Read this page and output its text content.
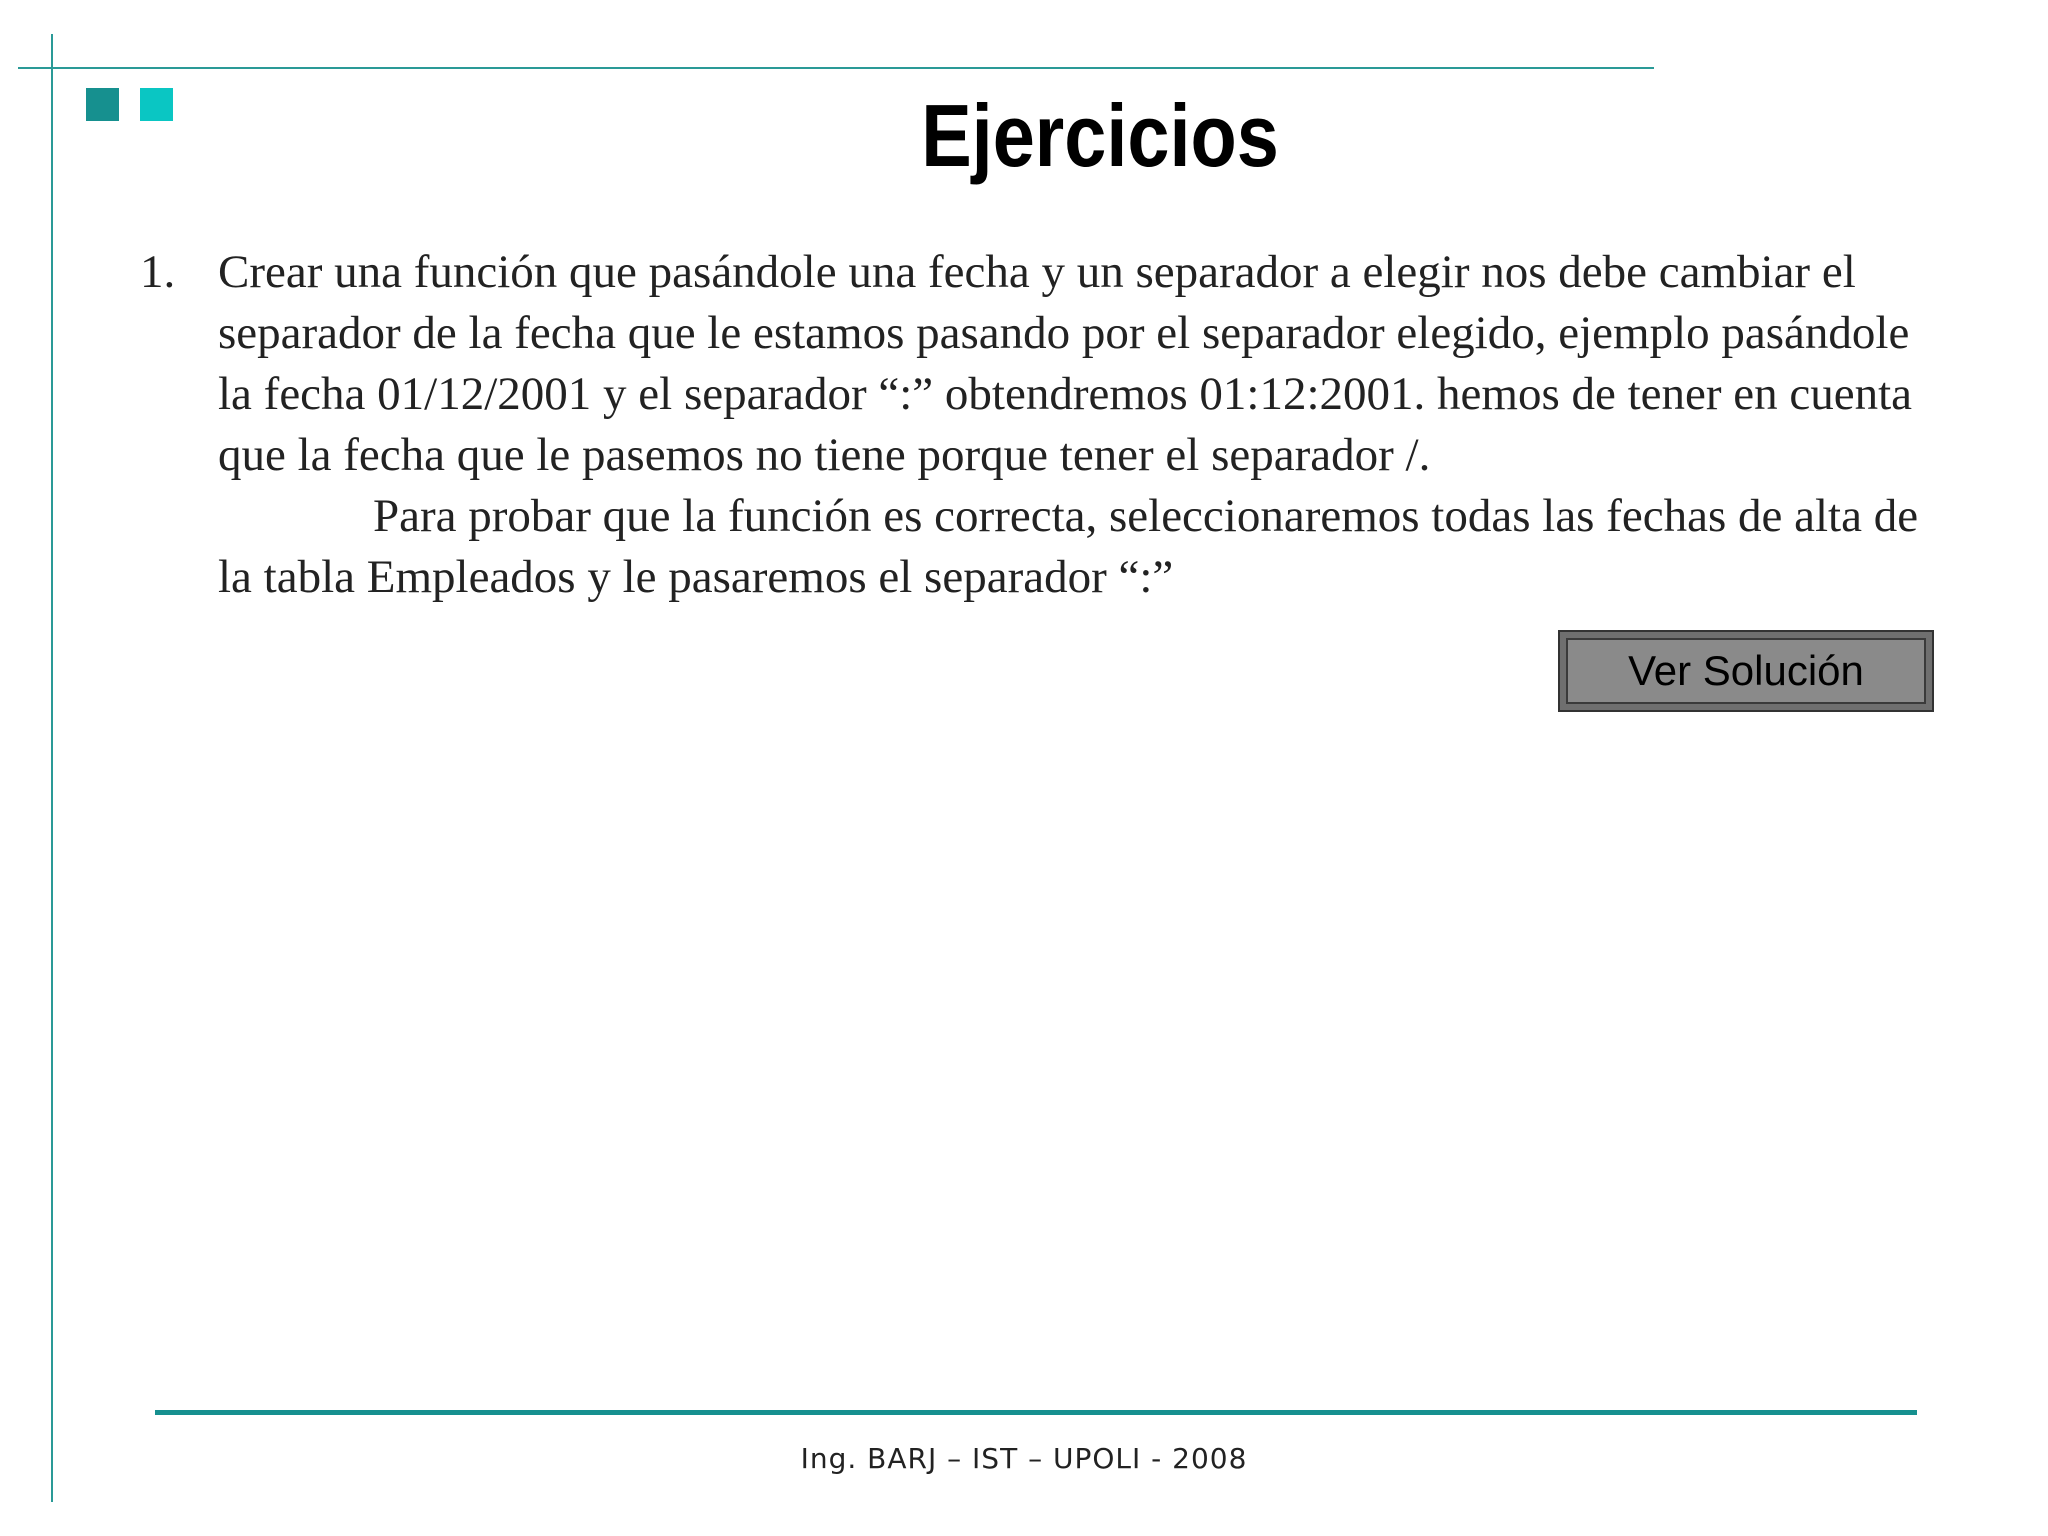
Ejercicios
1. Crear una función que pasándole una fecha y un separador a elegir nos debe cambiar el separador de la fecha que le estamos pasando por el separador elegido, ejemplo pasándole la fecha 01/12/2001 y el separador “:” obtendremos 01:12:2001. hemos de tener en cuenta que la fecha que le pasemos no tiene porque tener el separador /.

Para probar que la función es correcta, seleccionaremos todas las fechas de alta de la tabla Empleados y le pasaremos el separador “:”

Ver Solución
Ing. BARJ – IST – UPOLI - 2008
